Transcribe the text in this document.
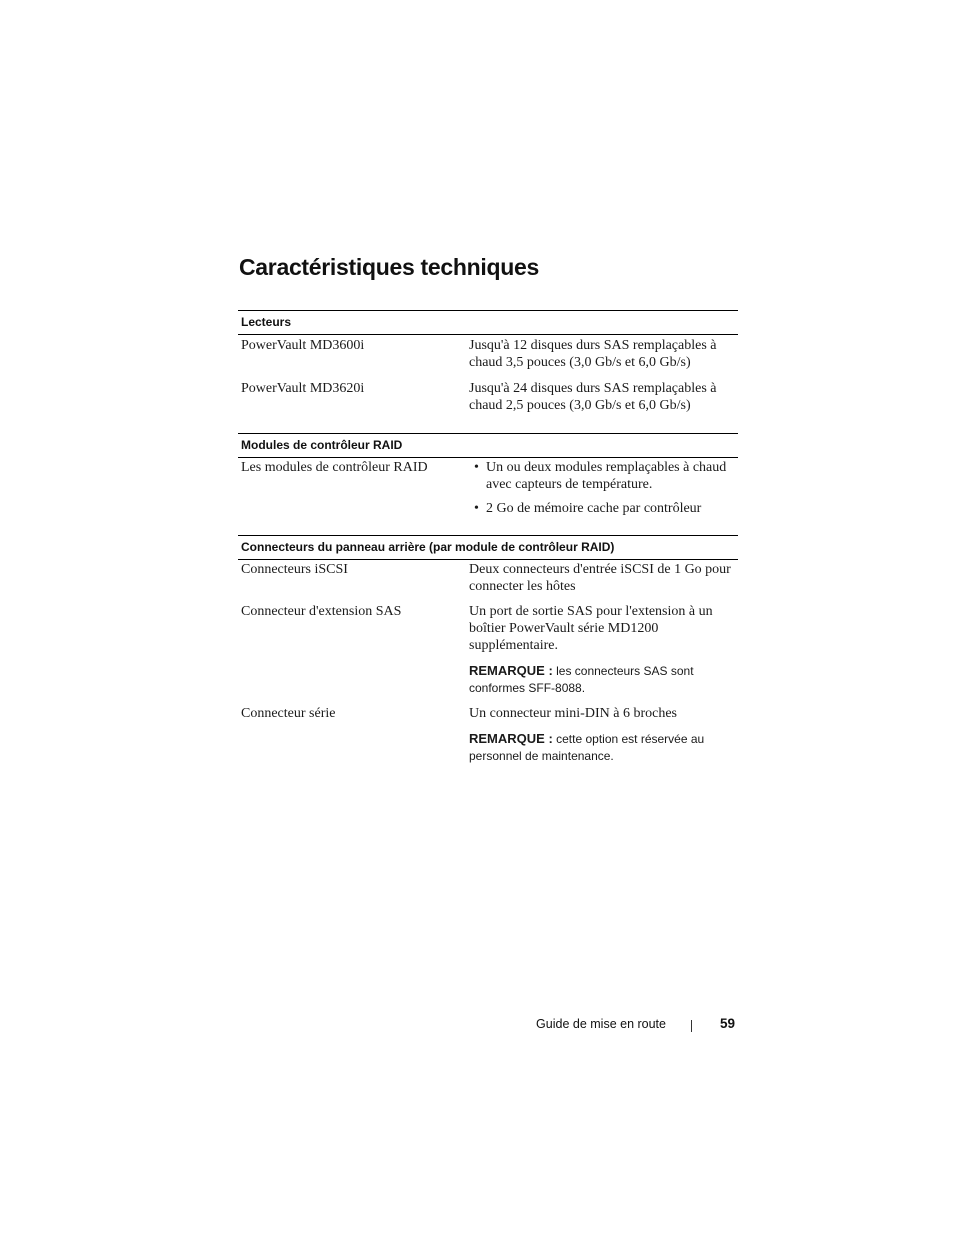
Caractéristiques techniques
Lecteurs
PowerVault MD3600i	Jusqu'à 12 disques durs SAS remplaçables à chaud 3,5 pouces (3,0 Gb/s et 6,0 Gb/s)
PowerVault MD3620i	Jusqu'à 24 disques durs SAS remplaçables à chaud 2,5 pouces (3,0 Gb/s et 6,0 Gb/s)
Modules de contrôleur RAID
Les modules de contrôleur RAID
•	Un ou deux modules remplaçables à chaud avec capteurs de température.
• 2 Go de mémoire cache par contrôleur
Connecteurs du panneau arrière (par module de contrôleur RAID)
Connecteurs iSCSI	Deux connecteurs d'entrée iSCSI de 1 Go pour connecter les hôtes
Connecteur d'extension SAS	Un port de sortie SAS pour l'extension à un boîtier PowerVault série MD1200 supplémentaire.
REMARQUE : les connecteurs SAS sont conformes SFF-8088.
Connecteur série	Un connecteur mini-DIN à 6 broches
REMARQUE : cette option est réservée au personnel de maintenance.
Guide de mise en route	59
